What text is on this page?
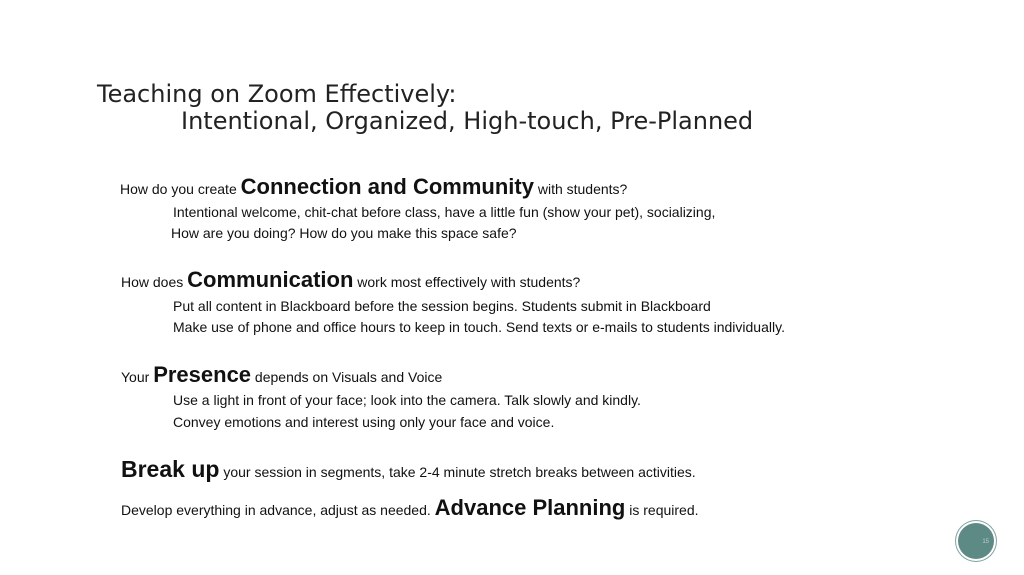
Teaching on Zoom Effectively:
Intentional, Organized, High-touch, Pre-Planned
How do you create Connection and Community with students?
Intentional welcome, chit-chat before class, have a little fun (show your pet), socializing,
How are you doing? How do you make this space safe?
How does Communication work most effectively with students?
Put all content in Blackboard before the session begins. Students submit in Blackboard
Make use of phone and office hours to keep in touch. Send texts or e-mails to students individually.
Your Presence depends on Visuals and Voice
Use a light in front of your face; look into the camera. Talk slowly and kindly.
Convey emotions and interest using only your face and voice.
Break up your session in segments, take 2-4 minute stretch breaks between activities.
Develop everything in advance, adjust as needed. Advance Planning is required.
15
